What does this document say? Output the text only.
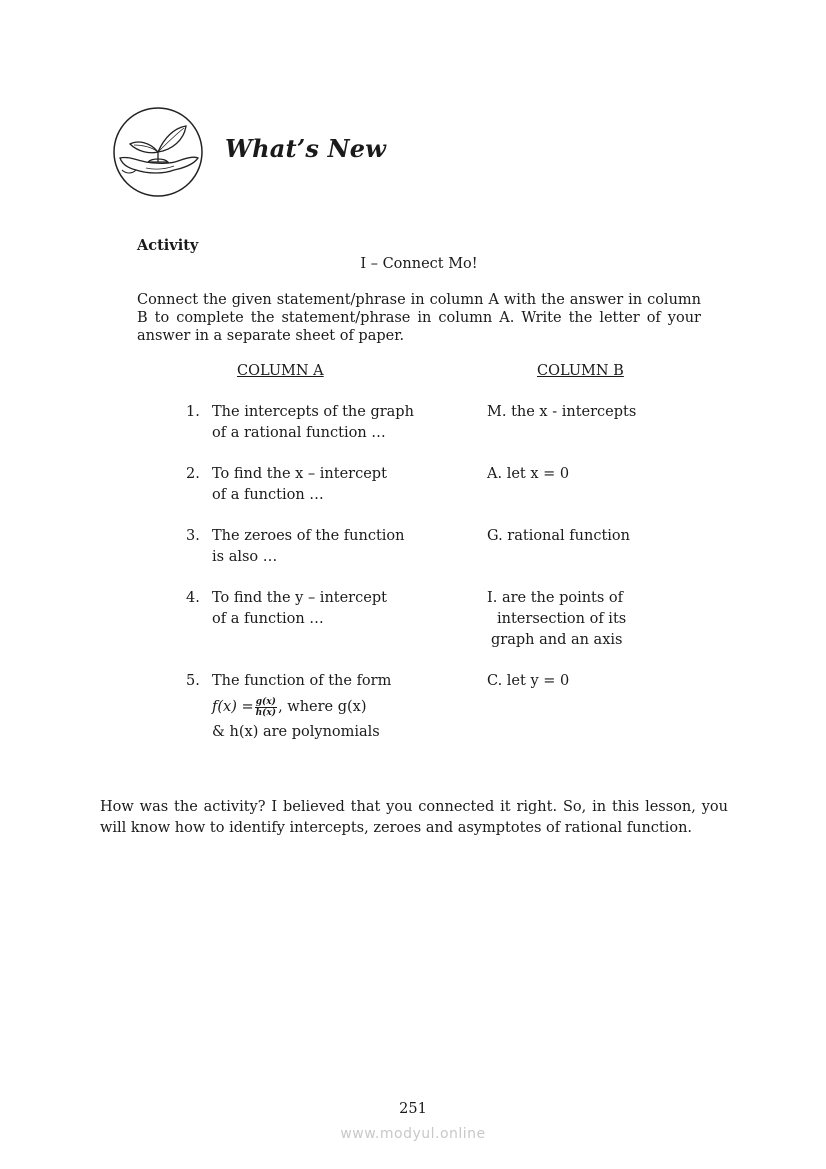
What’s New
Activity
I – Connect Mo!
Connect the given statement/phrase in column A with the answer in column B to complete the statement/phrase in column A. Write the letter of your answer in a separate sheet of paper.
COLUMN A	COLUMN B
1. The intercepts of the graph
of a rational function …
M. the x - intercepts
2. To find the x – intercept
of a function …
A. let x = 0
3. The zeroes of the function
is also …
G. rational function
4. To find the y – intercept
of a function …
I. are the points of
intersection of its
graph and an axis
5. The function of the form
$f(x) = \frac{g(x)}{h(x)}$ , where g(x)
& h(x) are polynomials
C. let y = 0
How was the activity? I believed that you connected it right. So, in this lesson, you will know how to identify intercepts, zeroes and asymptotes of rational function.
251
www.modyul.online
